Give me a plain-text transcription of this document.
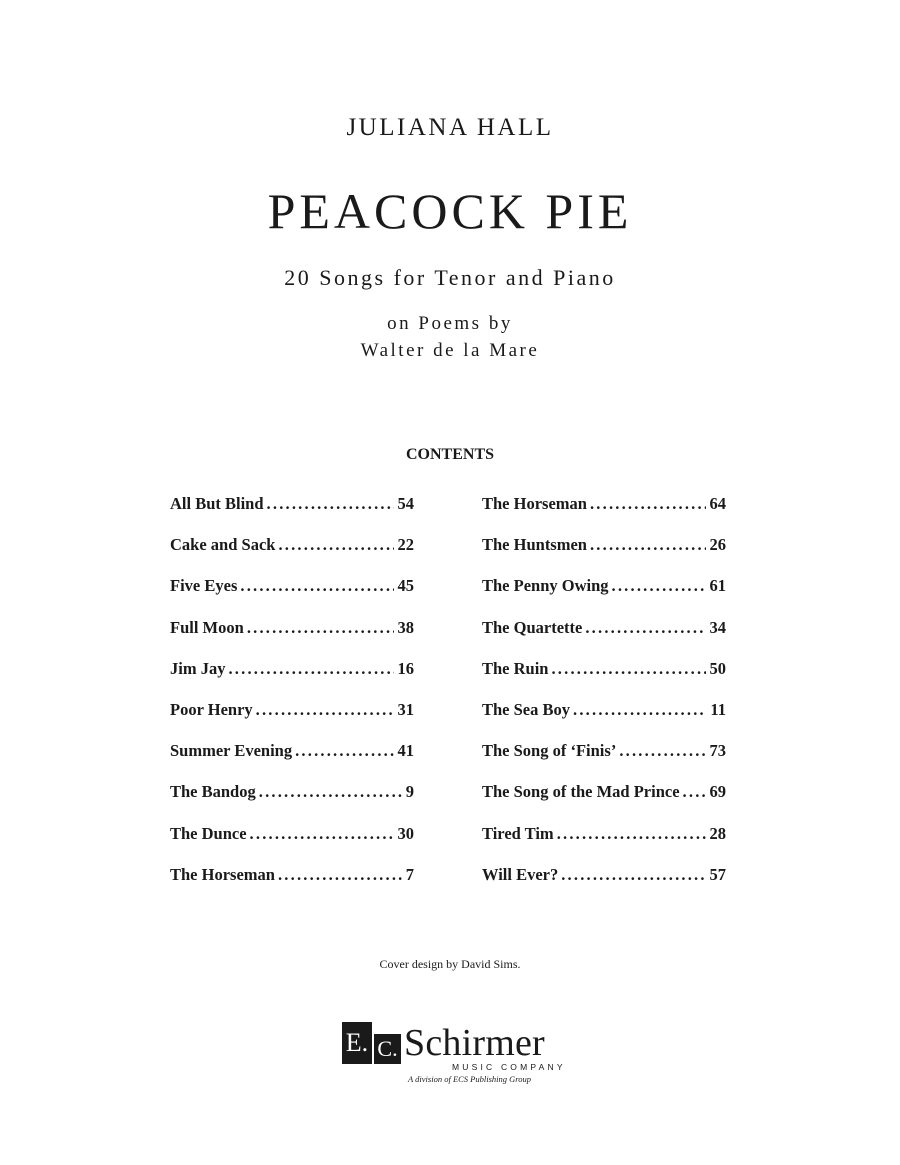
JULIANA HALL
PEACOCK PIE
20 Songs for Tenor and Piano
on Poems by
Walter de la Mare
CONTENTS
All But Blind .....	54
Cake and Sack .....	22
Five Eyes .....	45
Full Moon .....	38
Jim Jay .....	16
Poor Henry .....	31
Summer Evening .....	41
The Bandog .....	9
The Dunce .....	30
The Horseman .....	7
The Horseman .....	64
The Huntsmen .....	26
The Penny Owing .....	61
The Quartette .....	34
The Ruin .....	50
The Sea Boy .....	11
The Song of ‘Finis’ .....	73
The Song of the Mad Prince ..... 69
Tired Tim .....	28
Will Ever? .....	57
Cover design by David Sims.
E. C. Schirmer
MUSIC COMPANY
A division of ECS Publishing Group
